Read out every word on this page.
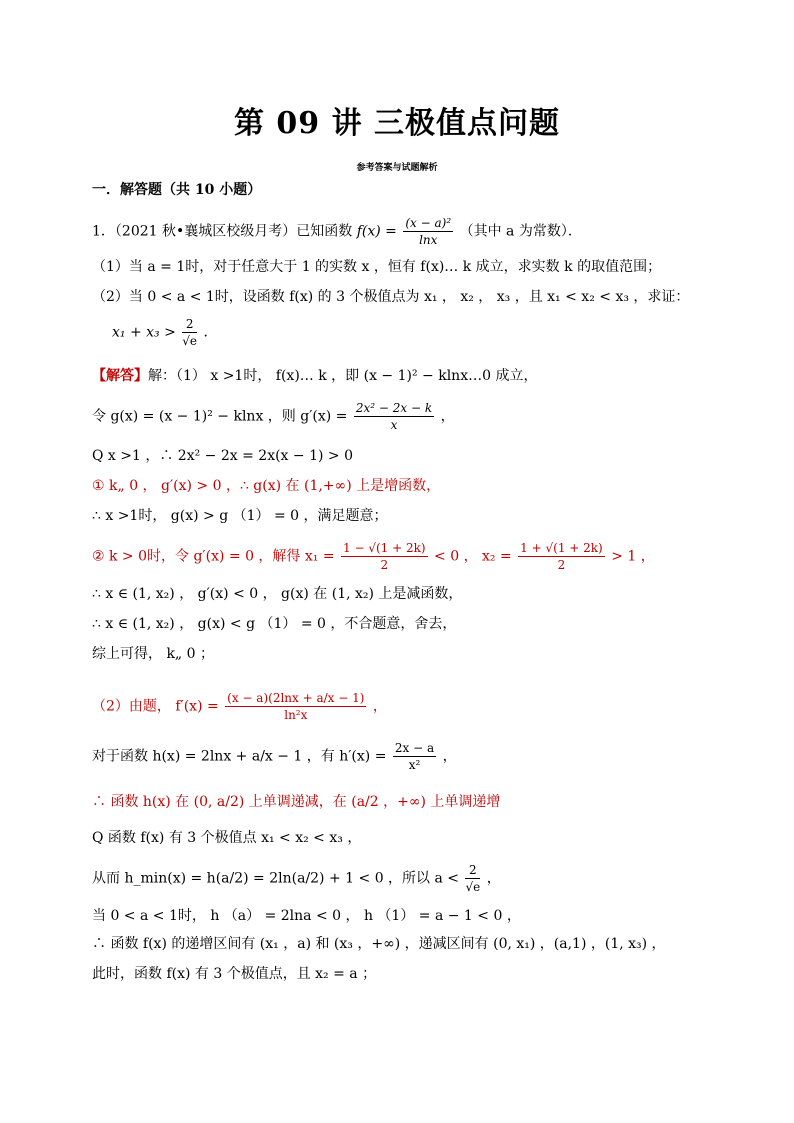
第 09 讲 三极值点问题
参考答案与试题解析
一．解答题（共 10 小题）
1．（2021 秋•襄城区校级月考）已知函数 $f(x) = \frac{\text{(x − a)²}}{\ln x}$ （其中 a 为常数）．
（1）当 a = 1时，对于任意大于 1 的实数 x ，恒有 f(x)… k 成立，求实数 k 的取值范围；
（2）当 0 < a < 1时，设函数 f(x) 的 3 个极值点为 x₁ ， x₂ ， x₃ ，且 x₁ < x₂ < x₃ ，求证：
$x_1 + x_3 > \frac{2}{√e}$ ．
【解答】解：（1） x >1时， f(x)… k ，即 (x − 1)² − klnx…0 成立，
令 g(x) = (x − 1)² − klnx ，则 $g'(x) = \frac{\text{2x² − 2x − k}}{x}$ ，
Q x >1 ，∴ 2x² − 2x = 2x(x − 1) > 0
① k„ 0 ， g′(x) > 0 ，∴ g(x) 在 (1,+∞) 上是增函数，
∴ x >1时， g(x) > g （1） = 0 ，满足题意；
② k > 0时，令 g′(x) = 0 ，解得 $x_1 = \frac{1 - √(1 + 2k)}{2} < 0$ ， $x_2 = \frac{1 + √(1 + 2k)}{2} > 1$ ，
∴ x ∈ (1, x₂) ， g′(x) < 0 ， g(x) 在 (1, x₂) 上是减函数，
∴ x ∈ (1, x₂) ， g(x) < g （1） = 0 ，不合题意，舍去，
综上可得， k„ 0 ；
（2）由题， $f'(x) = \frac{(x - a)(2\ln x + a/x - 1)}{\text{ln²x}}$ ，
对于函数 h(x) = 2lnx + a/x − 1 ，有 $h'(x) = \frac{2x - a}{\text{x²}}$ ，
∴ 函数 h(x) 在 (0, a/2) 上单调递减，在 (a/2 ，+∞) 上单调递增
Q 函数 f(x) 有 3 个极值点 x₁ < x₂ < x₃ ，
从而 h_min(x) = h(a/2) = 2ln(a/2) + 1 < 0 ，所以 $a < \frac{2}{√e}$ ，
当 0 < a < 1时， h （a） = 2lna < 0 ， h （1） = a − 1 < 0 ，
∴ 函数 f(x) 的递增区间有 (x₁ ，a) 和 (x₃ ，+∞) ，递减区间有 (0, x₁) ，(a,1) ，(1, x₃) ，
此时，函数 f(x) 有 3 个极值点，且 x₂ = a ；
